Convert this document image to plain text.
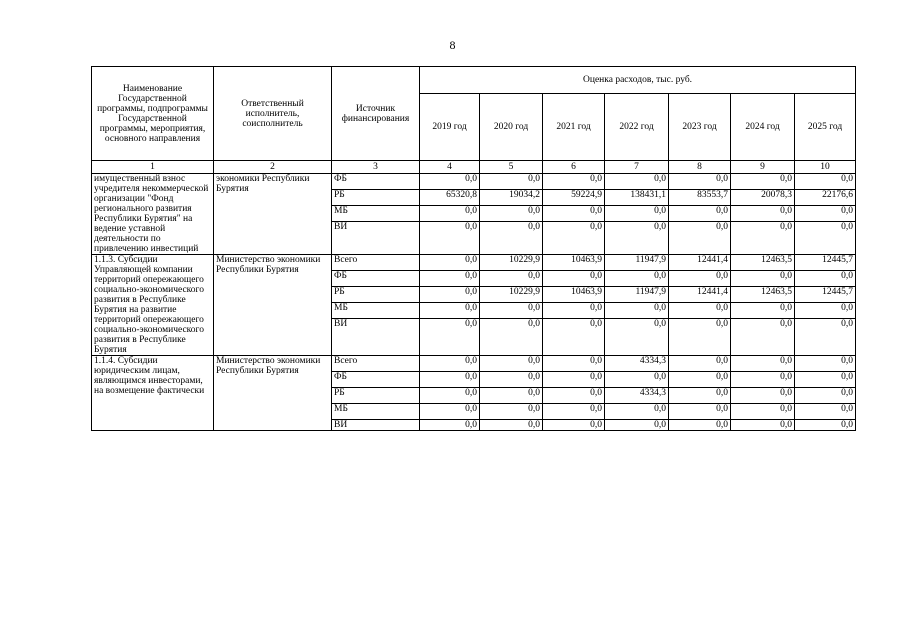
8
Наименование Государственной программы, подпрограммы Государственной программы, мероприятия, основного направления	Ответственный исполнитель, соисполнитель	Источник финансирования	Оценка расходов, тыс. руб.						
			2019 год	2020 год	2021 год	2022 год	2023 год	2024 год	2025 год
1	2	3	4	5	6	7	8	9	10
имущественный взнос учредителя некоммерческой организации "Фонд регионального развития Республики Бурятия" на ведение уставной деятельности по привлечению инвестиций	экономики Республики Бурятия	ФБ	0,0	0,0	0,0	0,0	0,0	0,0	0,0
		РБ	65320,8	19034,2	59224,9	138431,1	83553,7	20078,3	22176,6
		МБ	0,0	0,0	0,0	0,0	0,0	0,0	0,0
		ВИ	0,0	0,0	0,0	0,0	0,0	0,0	0,0
1.1.3. Субсидии Управляющей компании территорий опережающего социально-экономического развития в Республике Бурятия на развитие территорий опережающего социально-экономического развития в Республике Бурятия	Министерство экономики Республики Бурятия	Всего	0,0	10229,9	10463,9	11947,9	12441,4	12463,5	12445,7
		ФБ	0,0	0,0	0,0	0,0	0,0	0,0	0,0
		РБ	0,0	10229,9	10463,9	11947,9	12441,4	12463,5	12445,7
		МБ	0,0	0,0	0,0	0,0	0,0	0,0	0,0
		ВИ	0,0	0,0	0,0	0,0	0,0	0,0	0,0
1.1.4. Субсидии юридическим лицам, являющимся инвесторами, на возмещение фактически	Министерство экономики Республики Бурятия	Всего	0,0	0,0	0,0	4334,3	0,0	0,0	0,0
		ФБ	0,0	0,0	0,0	0,0	0,0	0,0	0,0
		РБ	0,0	0,0	0,0	4334,3	0,0	0,0	0,0
		МБ	0,0	0,0	0,0	0,0	0,0	0,0	0,0
		ВИ	0,0	0,0	0,0	0,0	0,0	0,0	0,0
